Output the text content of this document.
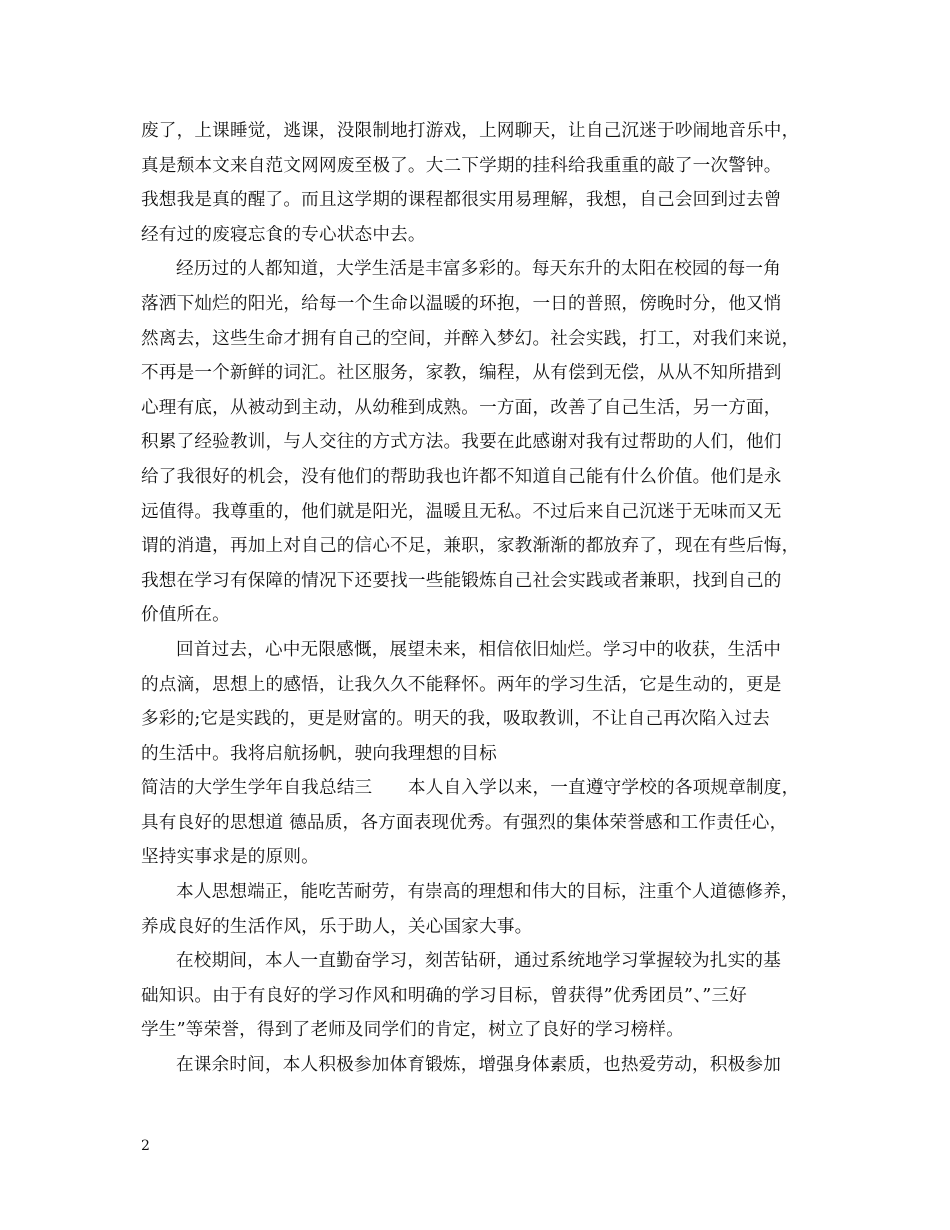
废了，上课睡觉，逃课，没限制地打游戏，上网聊天，让自己沉迷于吵闹地音乐中，
真是颓本文来自范文网网废至极了。大二下学期的挂科给我重重的敲了一次警钟。
我想我是真的醒了。而且这学期的课程都很实用易理解，我想，自己会回到过去曾
经有过的废寝忘食的专心状态中去。
经历过的人都知道，大学生活是丰富多彩的。每天东升的太阳在校园的每一角
落洒下灿烂的阳光，给每一个生命以温暖的环抱，一日的普照，傍晚时分，他又悄
然离去，这些生命才拥有自己的空间，并醉入梦幻。社会实践，打工，对我们来说，
不再是一个新鲜的词汇。社区服务，家教，编程，从有偿到无偿，从从不知所措到
心理有底，从被动到主动，从幼稚到成熟。一方面，改善了自己生活，另一方面，
积累了经验教训，与人交往的方式方法。我要在此感谢对我有过帮助的人们，他们
给了我很好的机会，没有他们的帮助我也许都不知道自己能有什么价值。他们是永
远值得。我尊重的，他们就是阳光，温暖且无私。不过后来自己沉迷于无味而又无
谓的消遣，再加上对自己的信心不足，兼职，家教渐渐的都放弃了，现在有些后悔，
我想在学习有保障的情况下还要找一些能锻炼自己社会实践或者兼职，找到自己的
价值所在。
回首过去，心中无限感慨，展望未来，相信依旧灿烂。学习中的收获，生活中
的点滴，思想上的感悟，让我久久不能释怀。两年的学习生活，它是生动的，更是
多彩的;它是实践的，更是财富的。明天的我，吸取教训，不让自己再次陷入过去
的生活中。我将启航扬帆，驶向我理想的目标
简洁的大学生学年自我总结三　　本人自入学以来，一直遵守学校的各项规章制度，
具有良好的思想道 德品质，各方面表现优秀。有强烈的集体荣誉感和工作责任心，
坚持实事求是的原则。
本人思想端正，能吃苦耐劳，有崇高的理想和伟大的目标，注重个人道德修养，
养成良好的生活作风，乐于助人，关心国家大事。
在校期间，本人一直勤奋学习，刻苦钻研，通过系统地学习掌握较为扎实的基
础知识。由于有良好的学习作风和明确的学习目标，曾获得”优秀团员”、”三好
学生”等荣誉，得到了老师及同学们的肯定，树立了良好的学习榜样。
在课余时间，本人积极参加体育锻炼，增强身体素质，也热爱劳动，积极参加
2
